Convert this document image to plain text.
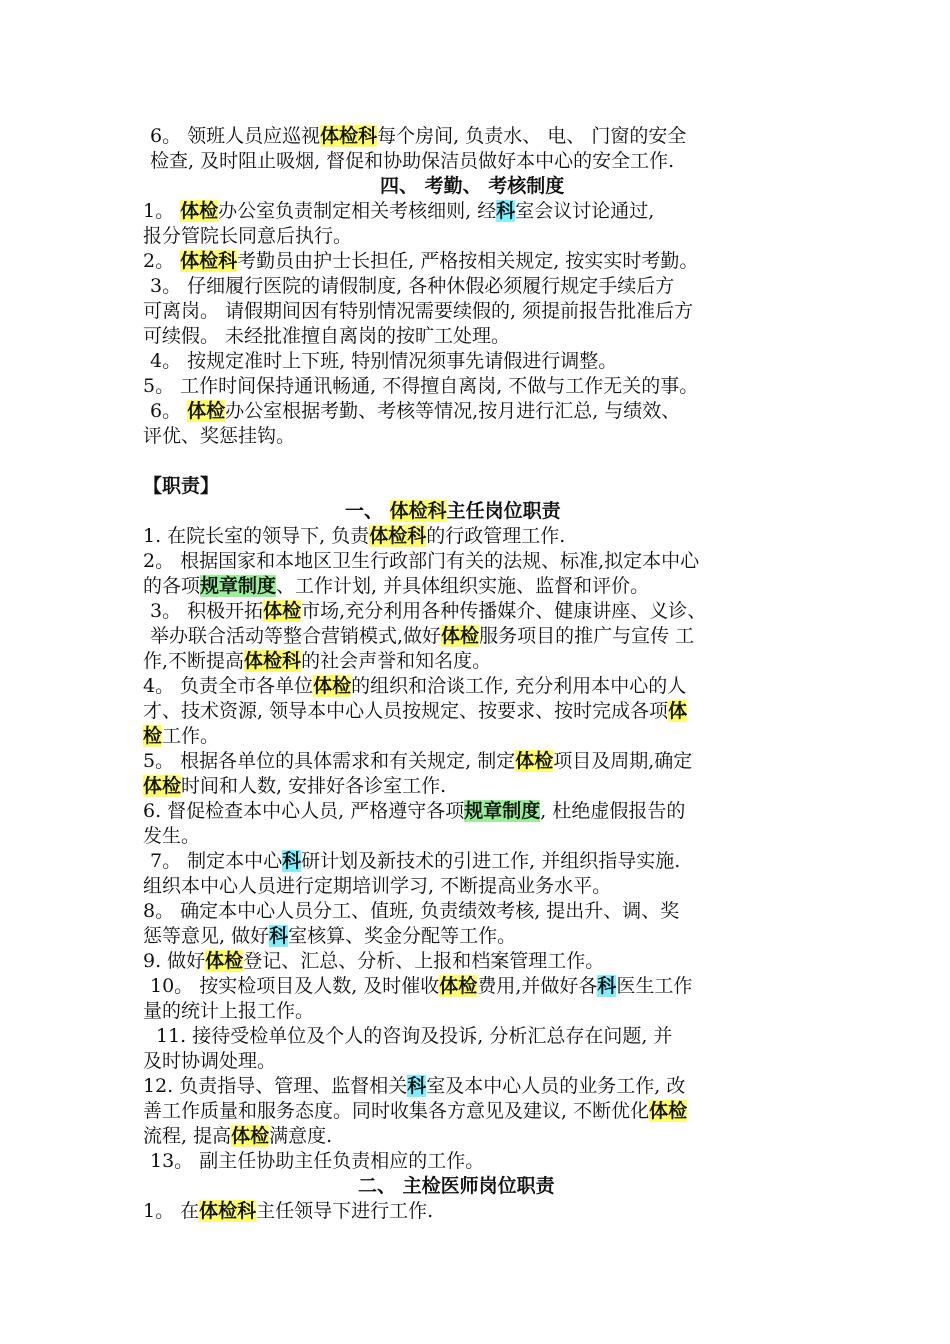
6。 领班人员应巡视体检科每个房间, 负责水、 电、 门窗的安全
检查, 及时阻止吸烟, 督促和协助保洁员做好本中心的安全工作.
四、 考勤、 考核制度
1。 体检办公室负责制定相关考核细则, 经科室会议讨论通过,
报分管院长同意后执行。
2。 体检科考勤员由护士长担任, 严格按相关规定, 按实实时考勤。
3。 仔细履行医院的请假制度, 各种休假必须履行规定手续后方
可离岗。 请假期间因有特别情况需要续假的, 须提前报告批准后方
可续假。 未经批准擅自离岗的按旷工处理。
4。 按规定准时上下班, 特别情况须事先请假进行调整。
5。 工作时间保持通讯畅通, 不得擅自离岗, 不做与工作无关的事。
6。 体检办公室根据考勤、考核等情况,按月进行汇总, 与绩效、
评优、奖惩挂钩。
【职责】
一、 体检科主任岗位职责
1. 在院长室的领导下, 负责体检科的行政管理工作.
2。 根据国家和本地区卫生行政部门有关的法规、标准,拟定本中心
的各项规章制度、工作计划, 并具体组织实施、监督和评价。
3。 积极开拓体检市场,充分利用各种传播媒介、健康讲座、义诊、
举办联合活动等整合营销模式,做好体检服务项目的推广与宣传 工
作,不断提高体检科的社会声誉和知名度。
4。 负责全市各单位体检的组织和洽谈工作, 充分利用本中心的人
才、技术资源, 领导本中心人员按规定、按要求、按时完成各项体
检工作。
5。 根据各单位的具体需求和有关规定, 制定体检项目及周期,确定
体检时间和人数, 安排好各诊室工作.
6. 督促检查本中心人员, 严格遵守各项规章制度, 杜绝虚假报告的
发生。
7。 制定本中心科研计划及新技术的引进工作, 并组织指导实施.
组织本中心人员进行定期培训学习, 不断提高业务水平。
8。 确定本中心人员分工、值班, 负责绩效考核, 提出升、调、奖
惩等意见, 做好科室核算、奖金分配等工作。
9. 做好体检登记、汇总、分析、上报和档案管理工作。
10。 按实检项目及人数, 及时催收体检费用,并做好各科医生工作
量的统计上报工作。
11. 接待受检单位及个人的咨询及投诉, 分析汇总存在问题, 并
及时协调处理。
12. 负责指导、管理、监督相关科室及本中心人员的业务工作, 改
善工作质量和服务态度。同时收集各方意见及建议, 不断优化体检
流程, 提高体检满意度.
13。 副主任协助主任负责相应的工作。
二、 主检医师岗位职责
1。 在体检科主任领导下进行工作.
